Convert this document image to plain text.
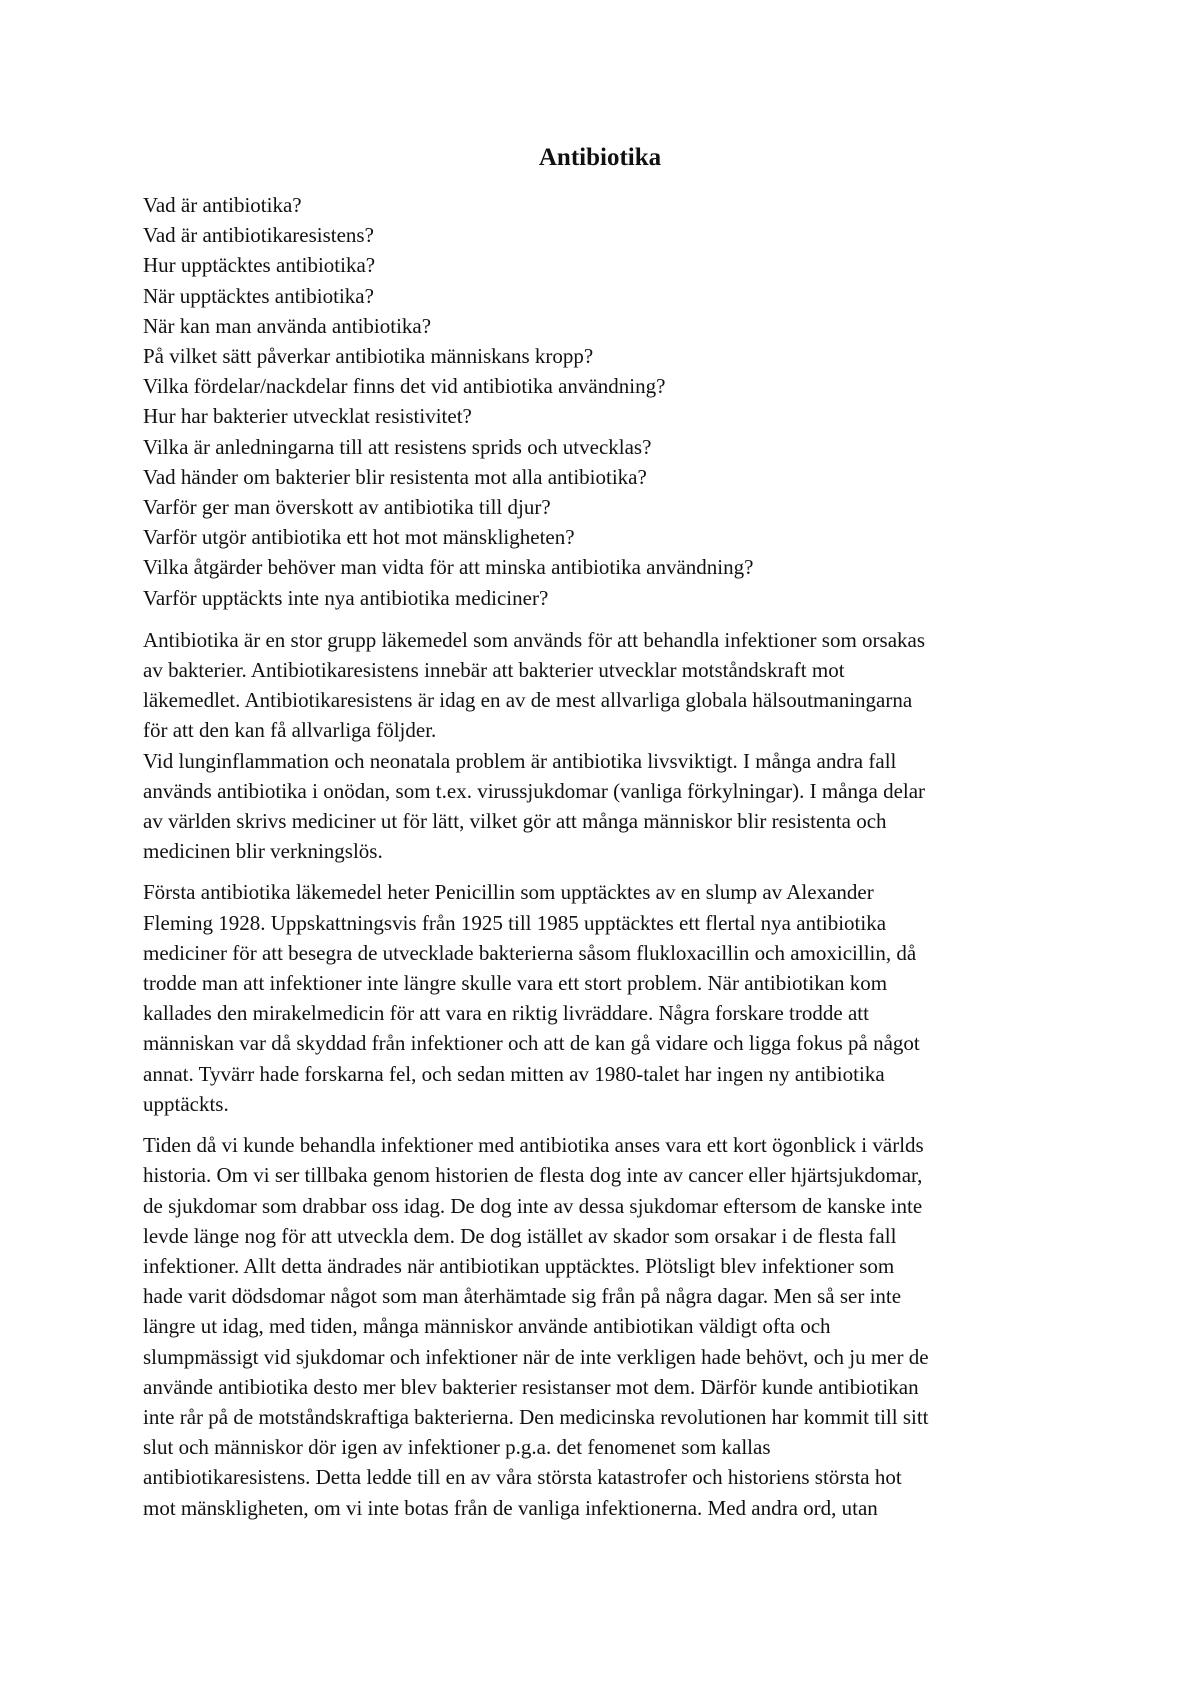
Antibiotika
Vad är antibiotika?
Vad är antibiotikaresistens?
Hur upptäcktes antibiotika?
När upptäcktes antibiotika?
När kan man använda antibiotika?
På vilket sätt påverkar antibiotika människans kropp?
Vilka fördelar/nackdelar finns det vid antibiotika användning?
Hur har bakterier utvecklat resistivitet?
Vilka är anledningarna till att resistens sprids och utvecklas?
Vad händer om bakterier blir resistenta mot alla antibiotika?
Varför ger man överskott av antibiotika till djur?
Varför utgör antibiotika ett hot mot mänskligheten?
Vilka åtgärder behöver man vidta för att minska antibiotika användning?
Varför upptäckts inte nya antibiotika mediciner?

Antibiotika är en stor grupp läkemedel som används för att behandla infektioner som orsakas
av bakterier. Antibiotikaresistens innebär att bakterier utvecklar motståndskraft mot
läkemedlet. Antibiotikaresistens är idag en av de mest allvarliga globala hälsoutmaningarna
för att den kan få allvarliga följder.
Vid lunginflammation och neonatala problem är antibiotika livsviktigt. I många andra fall
används antibiotika i onödan, som t.ex. virussjukdomar (vanliga förkylningar). I många delar
av världen skrivs mediciner ut för lätt, vilket gör att många människor blir resistenta och
medicinen blir verkningslös.

Första antibiotika läkemedel heter Penicillin som upptäcktes av en slump av Alexander
Fleming 1928. Uppskattningsvis från 1925 till 1985 upptäcktes ett flertal nya antibiotika
mediciner för att besegra de utvecklade bakterierna såsom flukloxacillin och amoxicillin, då
trodde man att infektioner inte längre skulle vara ett stort problem. När antibiotikan kom
kallades den mirakelmedicin för att vara en riktig livräddare. Några forskare trodde att
människan var då skyddad från infektioner och att de kan gå vidare och ligga fokus på något
annat. Tyvärr hade forskarna fel, och sedan mitten av 1980-talet har ingen ny antibiotika
upptäckts.

Tiden då vi kunde behandla infektioner med antibiotika anses vara ett kort ögonblick i världs
historia. Om vi ser tillbaka genom historien de flesta dog inte av cancer eller hjärtsjukdomar,
de sjukdomar som drabbar oss idag. De dog inte av dessa sjukdomar eftersom de kanske inte
levde länge nog för att utveckla dem. De dog istället av skador som orsakar i de flesta fall
infektioner. Allt detta ändrades när antibiotikan upptäcktes. Plötsligt blev infektioner som
hade varit dödsdomar något som man återhämtade sig från på några dagar. Men så ser inte
längre ut idag, med tiden, många människor använde antibiotikan väldigt ofta och
slumpmässigt vid sjukdomar och infektioner när de inte verkligen hade behövt, och ju mer de
använde antibiotika desto mer blev bakterier resistanser mot dem. Därför kunde antibiotikan
inte rår på de motståndskraftiga bakterierna. Den medicinska revolutionen har kommit till sitt
slut och människor dör igen av infektioner p.g.a. det fenomenet som kallas
antibiotikaresistens. Detta ledde till en av våra största katastrofer och historiens största hot
mot mänskligheten, om vi inte botas från de vanliga infektionerna. Med andra ord, utan
